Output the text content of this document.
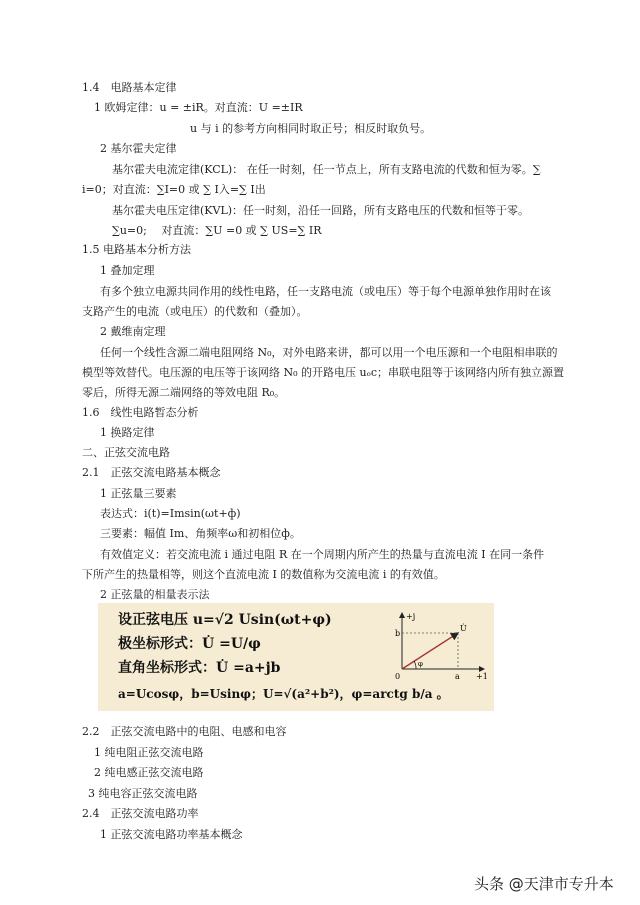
1.4　电路基本定律
1 欧姆定律：u = ±iR。对直流：U =±IR
u 与 i 的参考方向相同时取正号；相反时取负号。
2 基尔霍夫定律
基尔霍夫电流定律(KCL)： 在任一时刻，任一节点上，所有支路电流的代数和恒为零。∑
i=0；对直流：∑I=0 或 ∑ I入=∑ I出
基尔霍夫电压定律(KVL)：任一时刻，沿任一回路，所有支路电压的代数和恒等于零。
∑u=0;　 对直流：∑U =0 或 ∑ US=∑ IR
1.5 电路基本分析方法
1 叠加定理
有多个独立电源共同作用的线性电路，任一支路电流（或电压）等于每个电源单独作用时在该
支路产生的电流（或电压）的代数和（叠加）。
2 戴维南定理
任何一个线性含源二端电阻网络 N₀，对外电路来讲，都可以用一个电压源和一个电阻相串联的
模型等效替代。电压源的电压等于该网络 N₀ 的开路电压 uₒc；串联电阻等于该网络内所有独立源置
零后，所得无源二端网络的等效电阻 R₀。
1.6　线性电路暂态分析
1 换路定律
二、正弦交流电路
2.1　正弦交流电路基本概念
1 正弦量三要素
表达式：i(t)=Imsin(ωt+ф)
三要素：幅值 Im、角频率ω和初相位ф。
有效值定义：若交流电流 i 通过电阻 R 在一个周期内所产生的热量与直流电流 I 在同一条件
下所产生的热量相等，则这个直流电流 I 的数值称为交流电流 i 的有效值。
2 正弦量的相量表示法
设正弦电压 u=√2 Usin(ωt+φ)
极坐标形式：U̇ =U/φ
直角坐标形式：U̇ =a+jb
a=Ucosφ，b=Usinφ；U=√(a²+b²)，φ=arctg b/a 。
+j
+1
0
b
a
U̇
φ
2.2　正弦交流电路中的电阻、电感和电容
1 纯电阻正弦交流电路
2 纯电感正弦交流电路
3 纯电容正弦交流电路
2.4　正弦交流电路功率
1 正弦交流电路功率基本概念
头条 @天津市专升本
